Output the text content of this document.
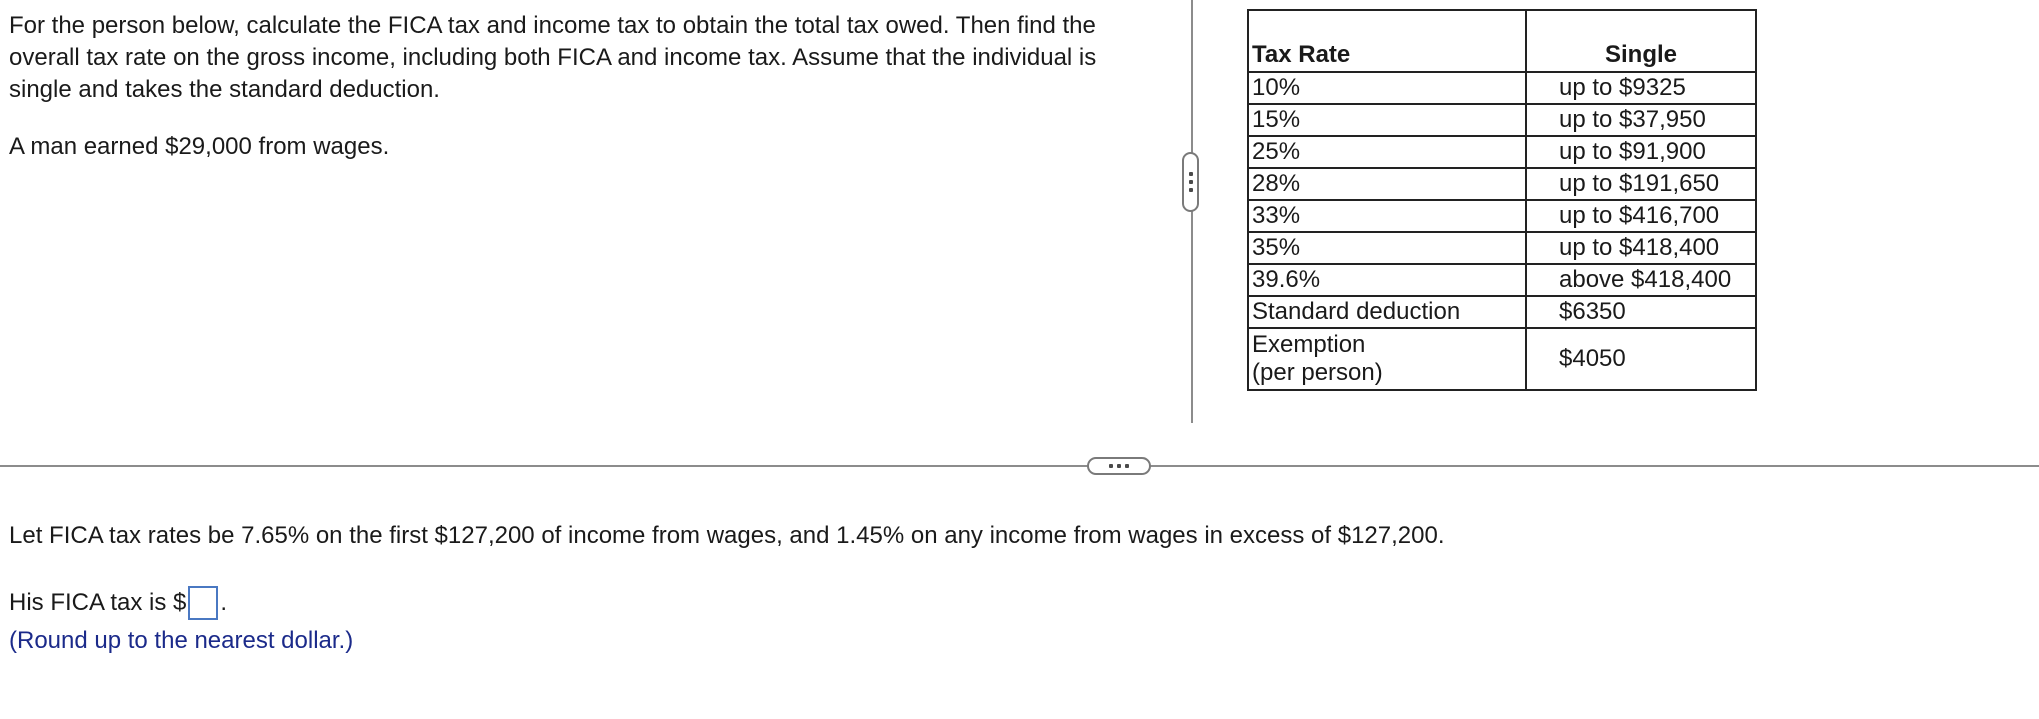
For the person below, calculate the FICA tax and income tax to obtain the total tax owed. Then find the overall tax rate on the gross income, including both FICA and income tax. Assume that the individual is single and takes the standard deduction.

A man earned $29,000 from wages.

Tax Rate	Single
10%	up to $9325
15%	up to $37,950
25%	up to $91,900
28%	up to $191,650
33%	up to $416,700
35%	up to $418,400
39.6%	above $418,400
Standard deduction	$6350

Exemption
(per person)	$4050

Let FICA tax rates be 7.65% on the first $127,200 of income from wages, and 1.45% on any income from wages in excess of $127,200.

His FICA tax is $ .
(Round up to the nearest dollar.)
